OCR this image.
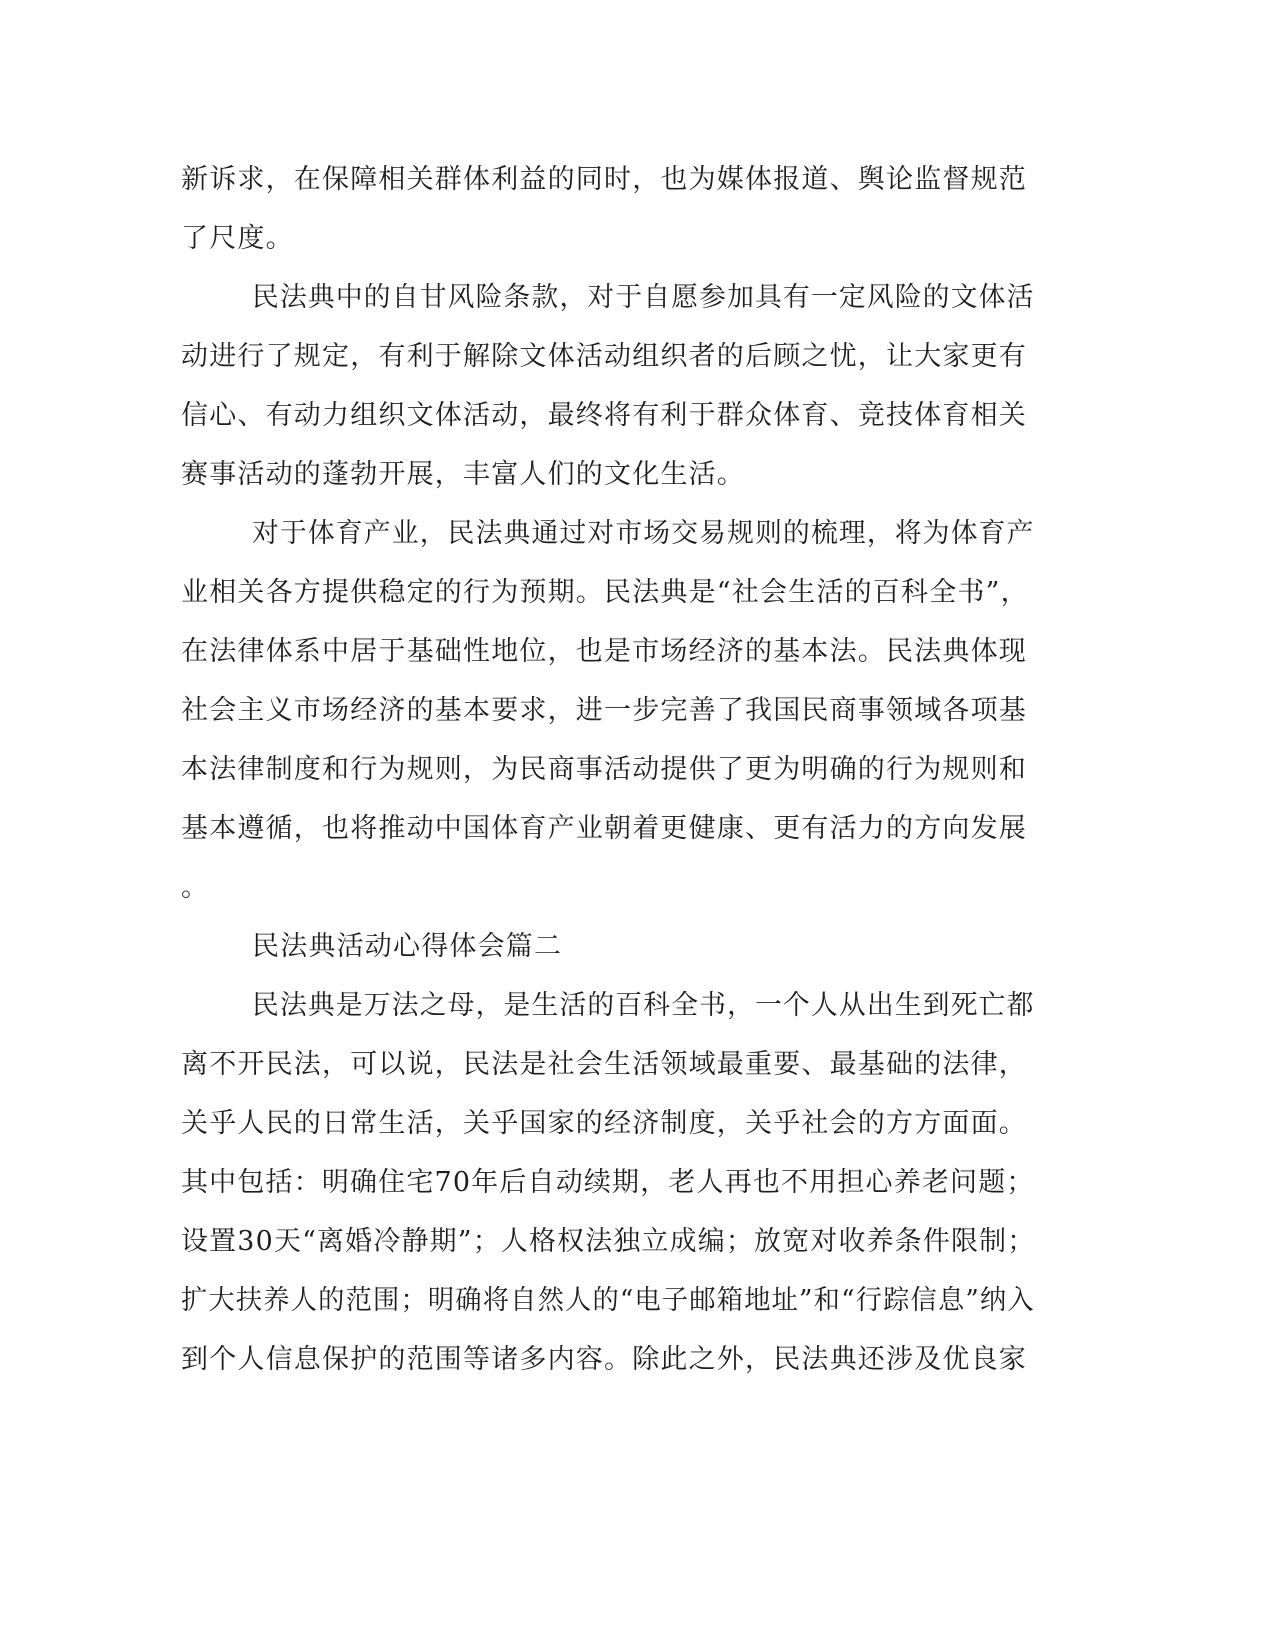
新诉求，在保障相关群体利益的同时，也为媒体报道、舆论监督规范
了尺度。
民法典中的自甘风险条款，对于自愿参加具有一定风险的文体活
动进行了规定，有利于解除文体活动组织者的后顾之忧，让大家更有
信心、有动力组织文体活动，最终将有利于群众体育、竞技体育相关
赛事活动的蓬勃开展，丰富人们的文化生活。
对于体育产业，民法典通过对市场交易规则的梳理，将为体育产
业相关各方提供稳定的行为预期。民法典是“社会生活的百科全书”，
在法律体系中居于基础性地位，也是市场经济的基本法。民法典体现
社会主义市场经济的基本要求，进一步完善了我国民商事领域各项基
本法律制度和行为规则，为民商事活动提供了更为明确的行为规则和
基本遵循，也将推动中国体育产业朝着更健康、更有活力的方向发展
。
民法典活动心得体会篇二
民法典是万法之母，是生活的百科全书，一个人从出生到死亡都
离不开民法，可以说，民法是社会生活领域最重要、最基础的法律，
关乎人民的日常生活，关乎国家的经济制度，关乎社会的方方面面。
其中包括：明确住宅70年后自动续期，老人再也不用担心养老问题；
设置30天“离婚冷静期”；人格权法独立成编；放宽对收养条件限制；
扩大扶养人的范围；明确将自然人的“电子邮箱地址”和“行踪信息”纳入
到个人信息保护的范围等诸多内容。除此之外，民法典还涉及优良家
